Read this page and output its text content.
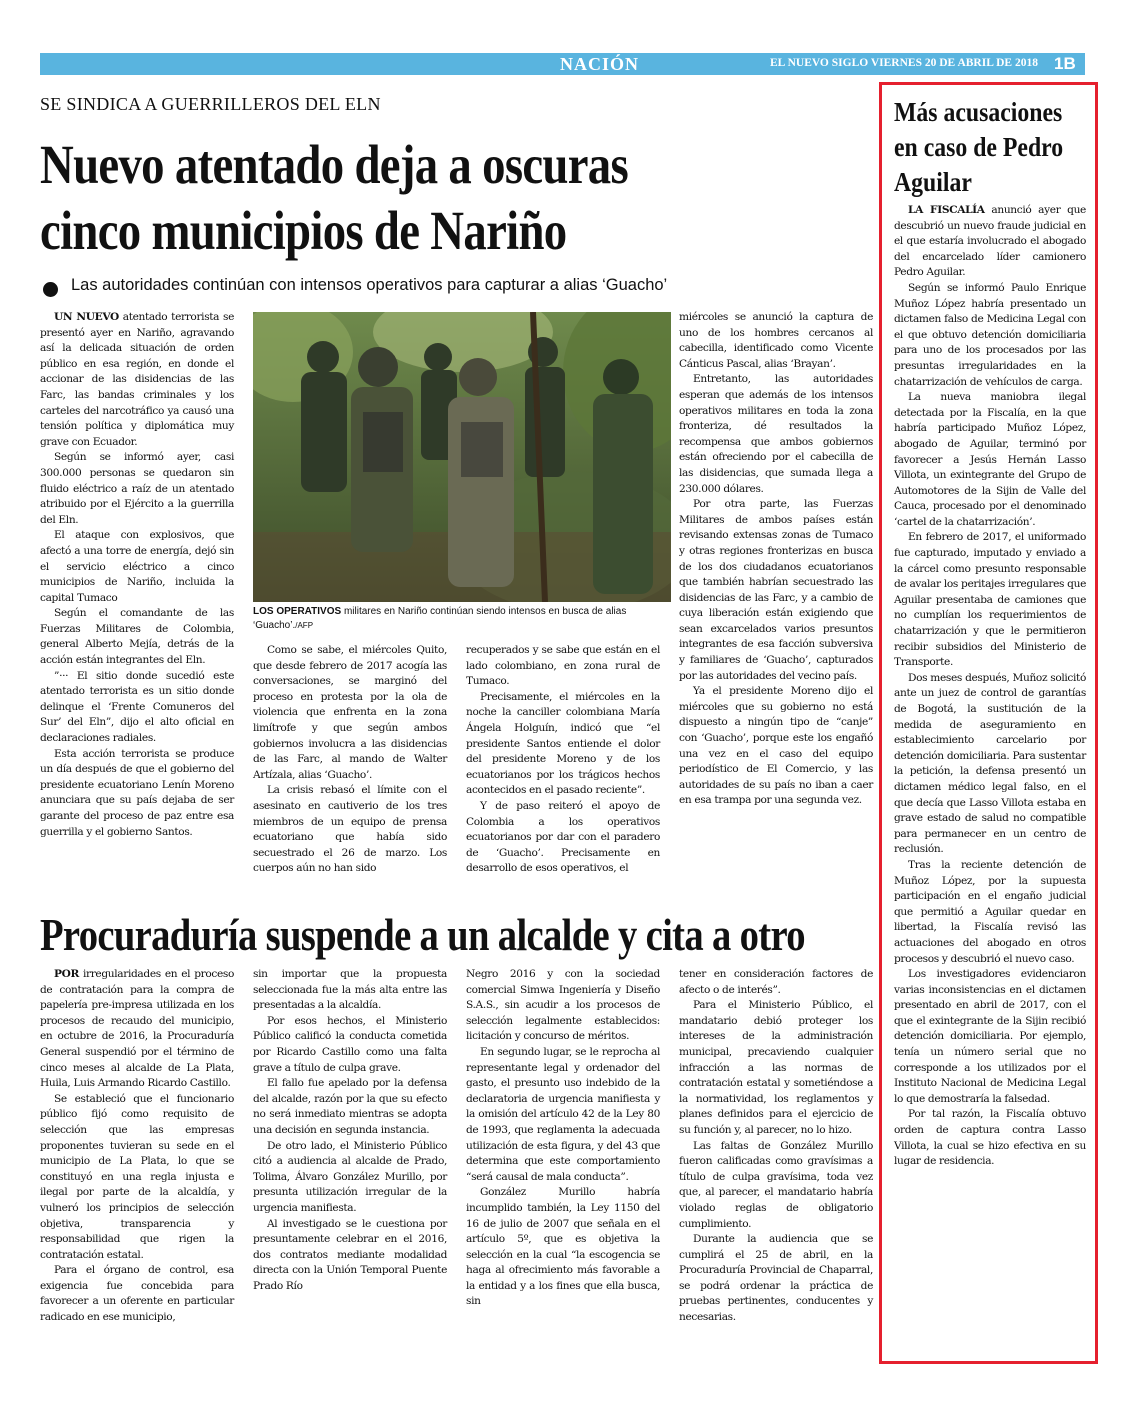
NACIÓN	EL NUEVO SIGLO VIERNES 20 DE ABRIL DE 2018 1B
SE SINDICA A GUERRILLEROS DEL ELN
Nuevo atentado deja a oscuras
cinco municipios de Nariño
Las autoridades continúan con intensos operativos para capturar a alias ‘Guacho’

UN NUEVO atentado terrorista se presentó ayer en Nariño, agravando así la delicada situación de orden público en esa región, en donde el accionar de las disidencias de las Farc, las bandas criminales y los carteles del narcotráfico ya causó una tensión política y diplomática muy grave con Ecuador.

Según se informó ayer, casi 300.000 personas se quedaron sin fluido eléctrico a raíz de un atentado atribuido por el Ejército a la guerrilla del Eln.

El ataque con explosivos, que afectó a una torre de energía, dejó sin el servicio eléctrico a cinco municipios de Nariño, incluida la capital Tumaco

Según el comandante de las Fuerzas Militares de Colombia, general Alberto Mejía, detrás de la acción están integrantes del Eln.

”··· El sitio donde sucedió este atentado terrorista es un sitio donde delinque el ‘Frente Comuneros del Sur’ del Eln”, dijo el alto oficial en declaraciones radiales.

Esta acción terrorista se produce un día después de que el gobierno del presidente ecuatoriano Lenín Moreno anunciara que su país dejaba de ser garante del proceso de paz entre esa guerrilla y el gobierno Santos.

LOS OPERATIVOS militares en Nariño continúan siendo intensos en busca de alias ‘Guacho’./AFP

Como se sabe, el miércoles Quito, que desde febrero de 2017 acogía las conversaciones, se marginó del proceso en protesta por la ola de violencia que enfrenta en la zona limítrofe y que según ambos gobiernos involucra a las disidencias de las Farc, al mando de Walter Artízala, alias ‘Guacho’.

La crisis rebasó el límite con el asesinato en cautiverio de los tres miembros de un equipo de prensa ecuatoriano que había sido secuestrado el 26 de marzo. Los cuerpos aún no han sido

recuperados y se sabe que están en el lado colombiano, en zona rural de Tumaco.

Precisamente, el miércoles en la noche la canciller colombiana María Ángela Holguín, indicó que “el presidente Santos entiende el dolor del presidente Moreno y de los ecuatorianos por los trágicos hechos acontecidos en el pasado reciente”.

Y de paso reiteró el apoyo de Colombia a los operativos ecuatorianos por dar con el paradero de ‘Guacho’. Precisamente en desarrollo de esos operativos, el

miércoles se anunció la captura de uno de los hombres cercanos al cabecilla, identificado como Vicente Cánticus Pascal, alias ‘Brayan’.

Entretanto, las autoridades esperan que además de los intensos operativos militares en toda la zona fronteriza, dé resultados la recompensa que ambos gobiernos están ofreciendo por el cabecilla de las disidencias, que sumada llega a 230.000 dólares.

Por otra parte, las Fuerzas Militares de ambos países están revisando extensas zonas de Tumaco y otras regiones fronterizas en busca de los dos ciudadanos ecuatorianos que también habrían secuestrado las disidencias de las Farc, y a cambio de cuya liberación están exigiendo que sean excarcelados varios presuntos integrantes de esa facción subversiva y familiares de ‘Guacho’, capturados por las autoridades del vecino país.

Ya el presidente Moreno dijo el miércoles que su gobierno no está dispuesto a ningún tipo de “canje” con ‘Guacho’, porque este los engañó una vez en el caso del equipo periodístico de El Comercio, y las autoridades de su país no iban a caer en esa trampa por una segunda vez.

Procuraduría suspende a un alcalde y cita a otro

POR irregularidades en el proceso de contratación para la compra de papelería pre-impresa utilizada en los procesos de recaudo del municipio, en octubre de 2016, la Procuraduría General suspendió por el término de cinco meses al alcalde de La Plata, Huila, Luis Armando Ricardo Castillo.

Se estableció que el funcionario público fijó como requisito de selección que las empresas proponentes tuvieran su sede en el municipio de La Plata, lo que se constituyó en una regla injusta e ilegal por parte de la alcaldía, y vulneró los principios de selección objetiva, transparencia y responsabilidad que rigen la contratación estatal.

Para el órgano de control, esa exigencia fue concebida para favorecer a un oferente en particular radicado en ese municipio,

sin importar que la propuesta seleccionada fue la más alta entre las presentadas a la alcaldía.

Por esos hechos, el Ministerio Público calificó la conducta cometida por Ricardo Castillo como una falta grave a título de culpa grave.

El fallo fue apelado por la defensa del alcalde, razón por la que su efecto no será inmediato mientras se adopta una decisión en segunda instancia.

De otro lado, el Ministerio Público citó a audiencia al alcalde de Prado, Tolima, Álvaro González Murillo, por presunta utilización irregular de la urgencia manifiesta.

Al investigado se le cuestiona por presuntamente celebrar en el 2016, dos contratos mediante modalidad directa con la Unión Temporal Puente Prado Río

Negro 2016 y con la sociedad comercial Simwa Ingeniería y Diseño S.A.S., sin acudir a los procesos de selección legalmente establecidos: licitación y concurso de méritos.

En segundo lugar, se le reprocha al representante legal y ordenador del gasto, el presunto uso indebido de la declaratoria de urgencia manifiesta y la omisión del artículo 42 de la Ley 80 de 1993, que reglamenta la adecuada utilización de esta figura, y del 43 que determina que este comportamiento “será causal de mala conducta”.

González Murillo habría incumplido también, la Ley 1150 del 16 de julio de 2007 que señala en el artículo 5º, que es objetiva la selección en la cual “la escogencia se haga al ofrecimiento más favorable a la entidad y a los fines que ella busca, sin

tener en consideración factores de afecto o de interés”.

Para el Ministerio Público, el mandatario debió proteger los intereses de la administración municipal, precaviendo cualquier infracción a las normas de contratación estatal y sometiéndose a la normatividad, los reglamentos y planes definidos para el ejercicio de su función y, al parecer, no lo hizo.

Las faltas de González Murillo fueron calificadas como gravísimas a título de culpa gravísima, toda vez que, al parecer, el mandatario habría violado reglas de obligatorio cumplimiento.

Durante la audiencia que se cumplirá el 25 de abril, en la Procuraduría Provincial de Chaparral, se podrá ordenar la práctica de pruebas pertinentes, conducentes y necesarias.

Más acusaciones en caso de Pedro Aguilar

LA FISCALÍA anunció ayer que descubrió un nuevo fraude judicial en el que estaría involucrado el abogado del encarcelado líder camionero Pedro Aguilar.

Según se informó Paulo Enrique Muñoz López habría presentado un dictamen falso de Medicina Legal con el que obtuvo detención domiciliaria para uno de los procesados por las presuntas irregularidades en la chatarrización de vehículos de carga.

La nueva maniobra ilegal detectada por la Fiscalía, en la que habría participado Muñoz López, abogado de Aguilar, terminó por favorecer a Jesús Hernán Lasso Villota, un exintegrante del Grupo de Automotores de la Sijin de Valle del Cauca, procesado por el denominado ‘cartel de la chatarrización’.

En febrero de 2017, el uniformado fue capturado, imputado y enviado a la cárcel como presunto responsable de avalar los peritajes irregulares que Aguilar presentaba de camiones que no cumplían los requerimientos de chatarrización y que le permitieron recibir subsidios del Ministerio de Transporte.

Dos meses después, Muñoz solicitó ante un juez de control de garantías de Bogotá, la sustitución de la medida de aseguramiento en establecimiento carcelario por detención domiciliaria. Para sustentar la petición, la defensa presentó un dictamen médico legal falso, en el que decía que Lasso Villota estaba en grave estado de salud no compatible para permanecer en un centro de reclusión.

Tras la reciente detención de Muñoz López, por la supuesta participación en el engaño judicial que permitió a Aguilar quedar en libertad, la Fiscalía revisó las actuaciones del abogado en otros procesos y descubrió el nuevo caso.

Los investigadores evidenciaron varias inconsistencias en el dictamen presentado en abril de 2017, con el que el exintegrante de la Sijin recibió detención domiciliaria. Por ejemplo, tenía un número serial que no corresponde a los utilizados por el Instituto Nacional de Medicina Legal lo que demostraría la falsedad.

Por tal razón, la Fiscalía obtuvo orden de captura contra Lasso Villota, la cual se hizo efectiva en su lugar de residencia.
